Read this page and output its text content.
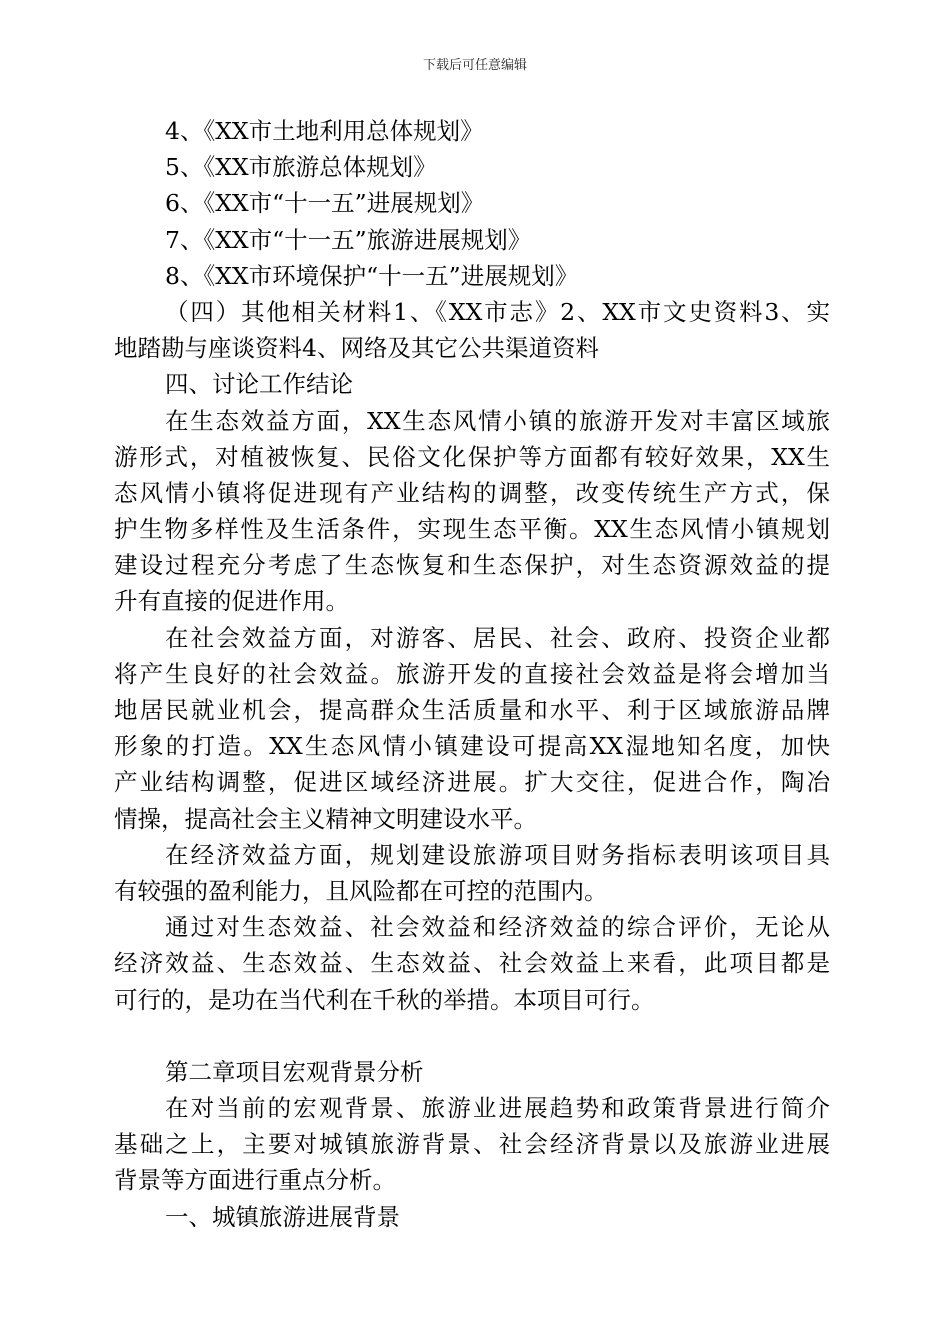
下载后可任意编辑
4、《XX市土地利用总体规划》
5、《XX市旅游总体规划》
6、《XX市“十一五”进展规划》
7、《XX市“十一五”旅游进展规划》
8、《XX市环境保护“十一五”进展规划》
（四）其他相关材料1、《XX市志》2、XX市文史资料3、实
地踏勘与座谈资料4、网络及其它公共渠道资料
四、讨论工作结论
在生态效益方面，XX生态风情小镇的旅游开发对丰富区域旅
游形式，对植被恢复、民俗文化保护等方面都有较好效果，XX生
态风情小镇将促进现有产业结构的调整，改变传统生产方式，保
护生物多样性及生活条件，实现生态平衡。XX生态风情小镇规划
建设过程充分考虑了生态恢复和生态保护，对生态资源效益的提
升有直接的促进作用。
在社会效益方面，对游客、居民、社会、政府、投资企业都
将产生良好的社会效益。旅游开发的直接社会效益是将会增加当
地居民就业机会，提高群众生活质量和水平、利于区域旅游品牌
形象的打造。XX生态风情小镇建设可提高XX湿地知名度，加快
产业结构调整，促进区域经济进展。扩大交往，促进合作，陶冶
情操，提高社会主义精神文明建设水平。
在经济效益方面，规划建设旅游项目财务指标表明该项目具
有较强的盈利能力，且风险都在可控的范围内。
通过对生态效益、社会效益和经济效益的综合评价，无论从
经济效益、生态效益、生态效益、社会效益上来看，此项目都是
可行的，是功在当代利在千秋的举措。本项目可行。
第二章项目宏观背景分析
在对当前的宏观背景、旅游业进展趋势和政策背景进行简介
基础之上，主要对城镇旅游背景、社会经济背景以及旅游业进展
背景等方面进行重点分析。
一、城镇旅游进展背景
